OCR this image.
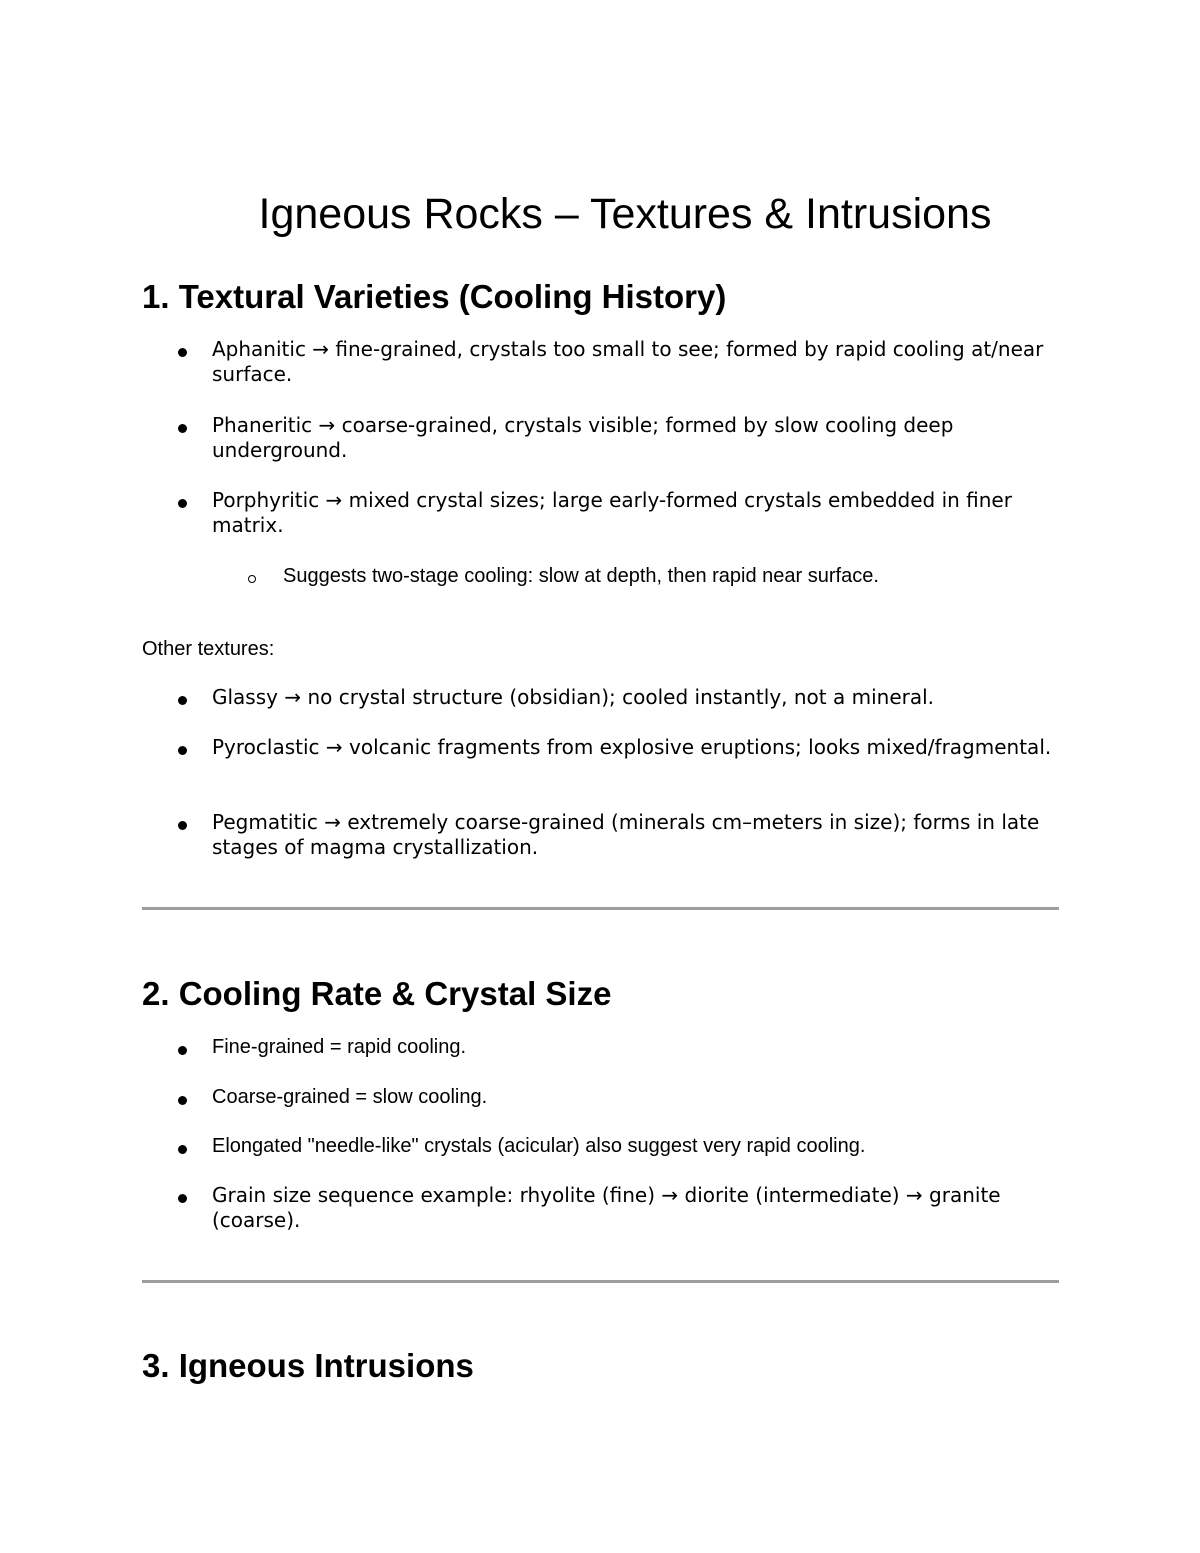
Igneous Rocks – Textures & Intrusions
1. Textural Varieties (Cooling History)
Aphanitic → fine-grained, crystals too small to see; formed by rapid cooling at/near surface.
Phaneritic → coarse-grained, crystals visible; formed by slow cooling deep underground.
Porphyritic → mixed crystal sizes; large early-formed crystals embedded in finer matrix.
Suggests two-stage cooling: slow at depth, then rapid near surface.
Other textures:
Glassy → no crystal structure (obsidian); cooled instantly, not a mineral.
Pyroclastic → volcanic fragments from explosive eruptions; looks mixed/fragmental.
Pegmatitic → extremely coarse-grained (minerals cm–meters in size); forms in late stages of magma crystallization.
2. Cooling Rate & Crystal Size
Fine-grained = rapid cooling.
Coarse-grained = slow cooling.
Elongated "needle-like" crystals (acicular) also suggest very rapid cooling.
Grain size sequence example: rhyolite (fine) → diorite (intermediate) → granite (coarse).
3. Igneous Intrusions
